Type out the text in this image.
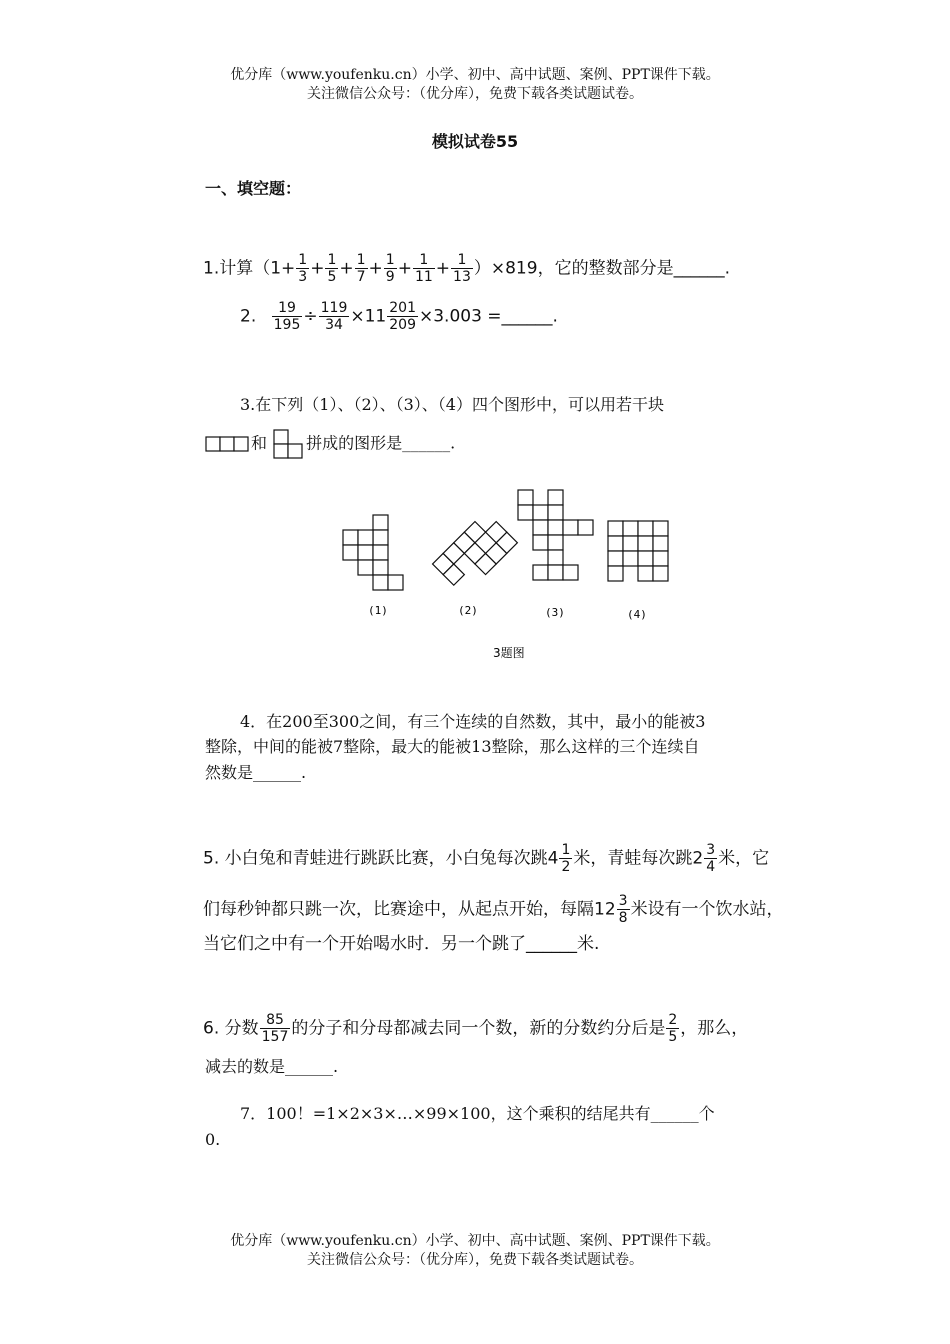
优分库（www.youfenku.cn）小学、初中、高中试题、案例、PPT课件下载。
关注微信公众号：（优分库），免费下载各类试题试卷。
模拟试卷55
一、填空题：
1.计算$(1+ \frac{1}{3} + \frac{1}{5} + \frac{1}{7} + \frac{1}{9} + \frac{1}{11} + \frac{1}{13} )\times 819$，它的整数部分是______.
2. $\frac{19}{195} \div \frac{119}{34} \times 11 \frac{201}{209} \times 3.003$ =______.
3.在下列（1）、（2）、（3）、（4）四个图形中，可以用若干块
和 拼成的图形是______.
(1)	(2)	(3)	(4)
3题图
4．在200至300之间，有三个连续的自然数，其中，最小的能被3
整除，中间的能被7整除，最大的能被13整除，那么这样的三个连续自
然数是______.
5. 小白兔和青蛙进行跳跃比赛，小白兔每次跳$4 \frac{1}{2}$ 米，青蛙每次跳$2 \frac{3}{4}$ 米，它
们每秒钟都只跳一次，比赛途中，从起点开始，每隔$12 \frac{3}{8}$ 米设有一个饮水站，
当它们之中有一个开始喝水时．另一个跳了______米.
6. 分数 $\frac{85}{157}$ 的分子和分母都减去同一个数，新的分数约分后是 $\frac{2}{5}$ ，那么，
减去的数是______.
7．100！=1×2×3×…×99×100，这个乘积的结尾共有______个
0.
优分库（www.youfenku.cn）小学、初中、高中试题、案例、PPT课件下载。
关注微信公众号：（优分库），免费下载各类试题试卷。
